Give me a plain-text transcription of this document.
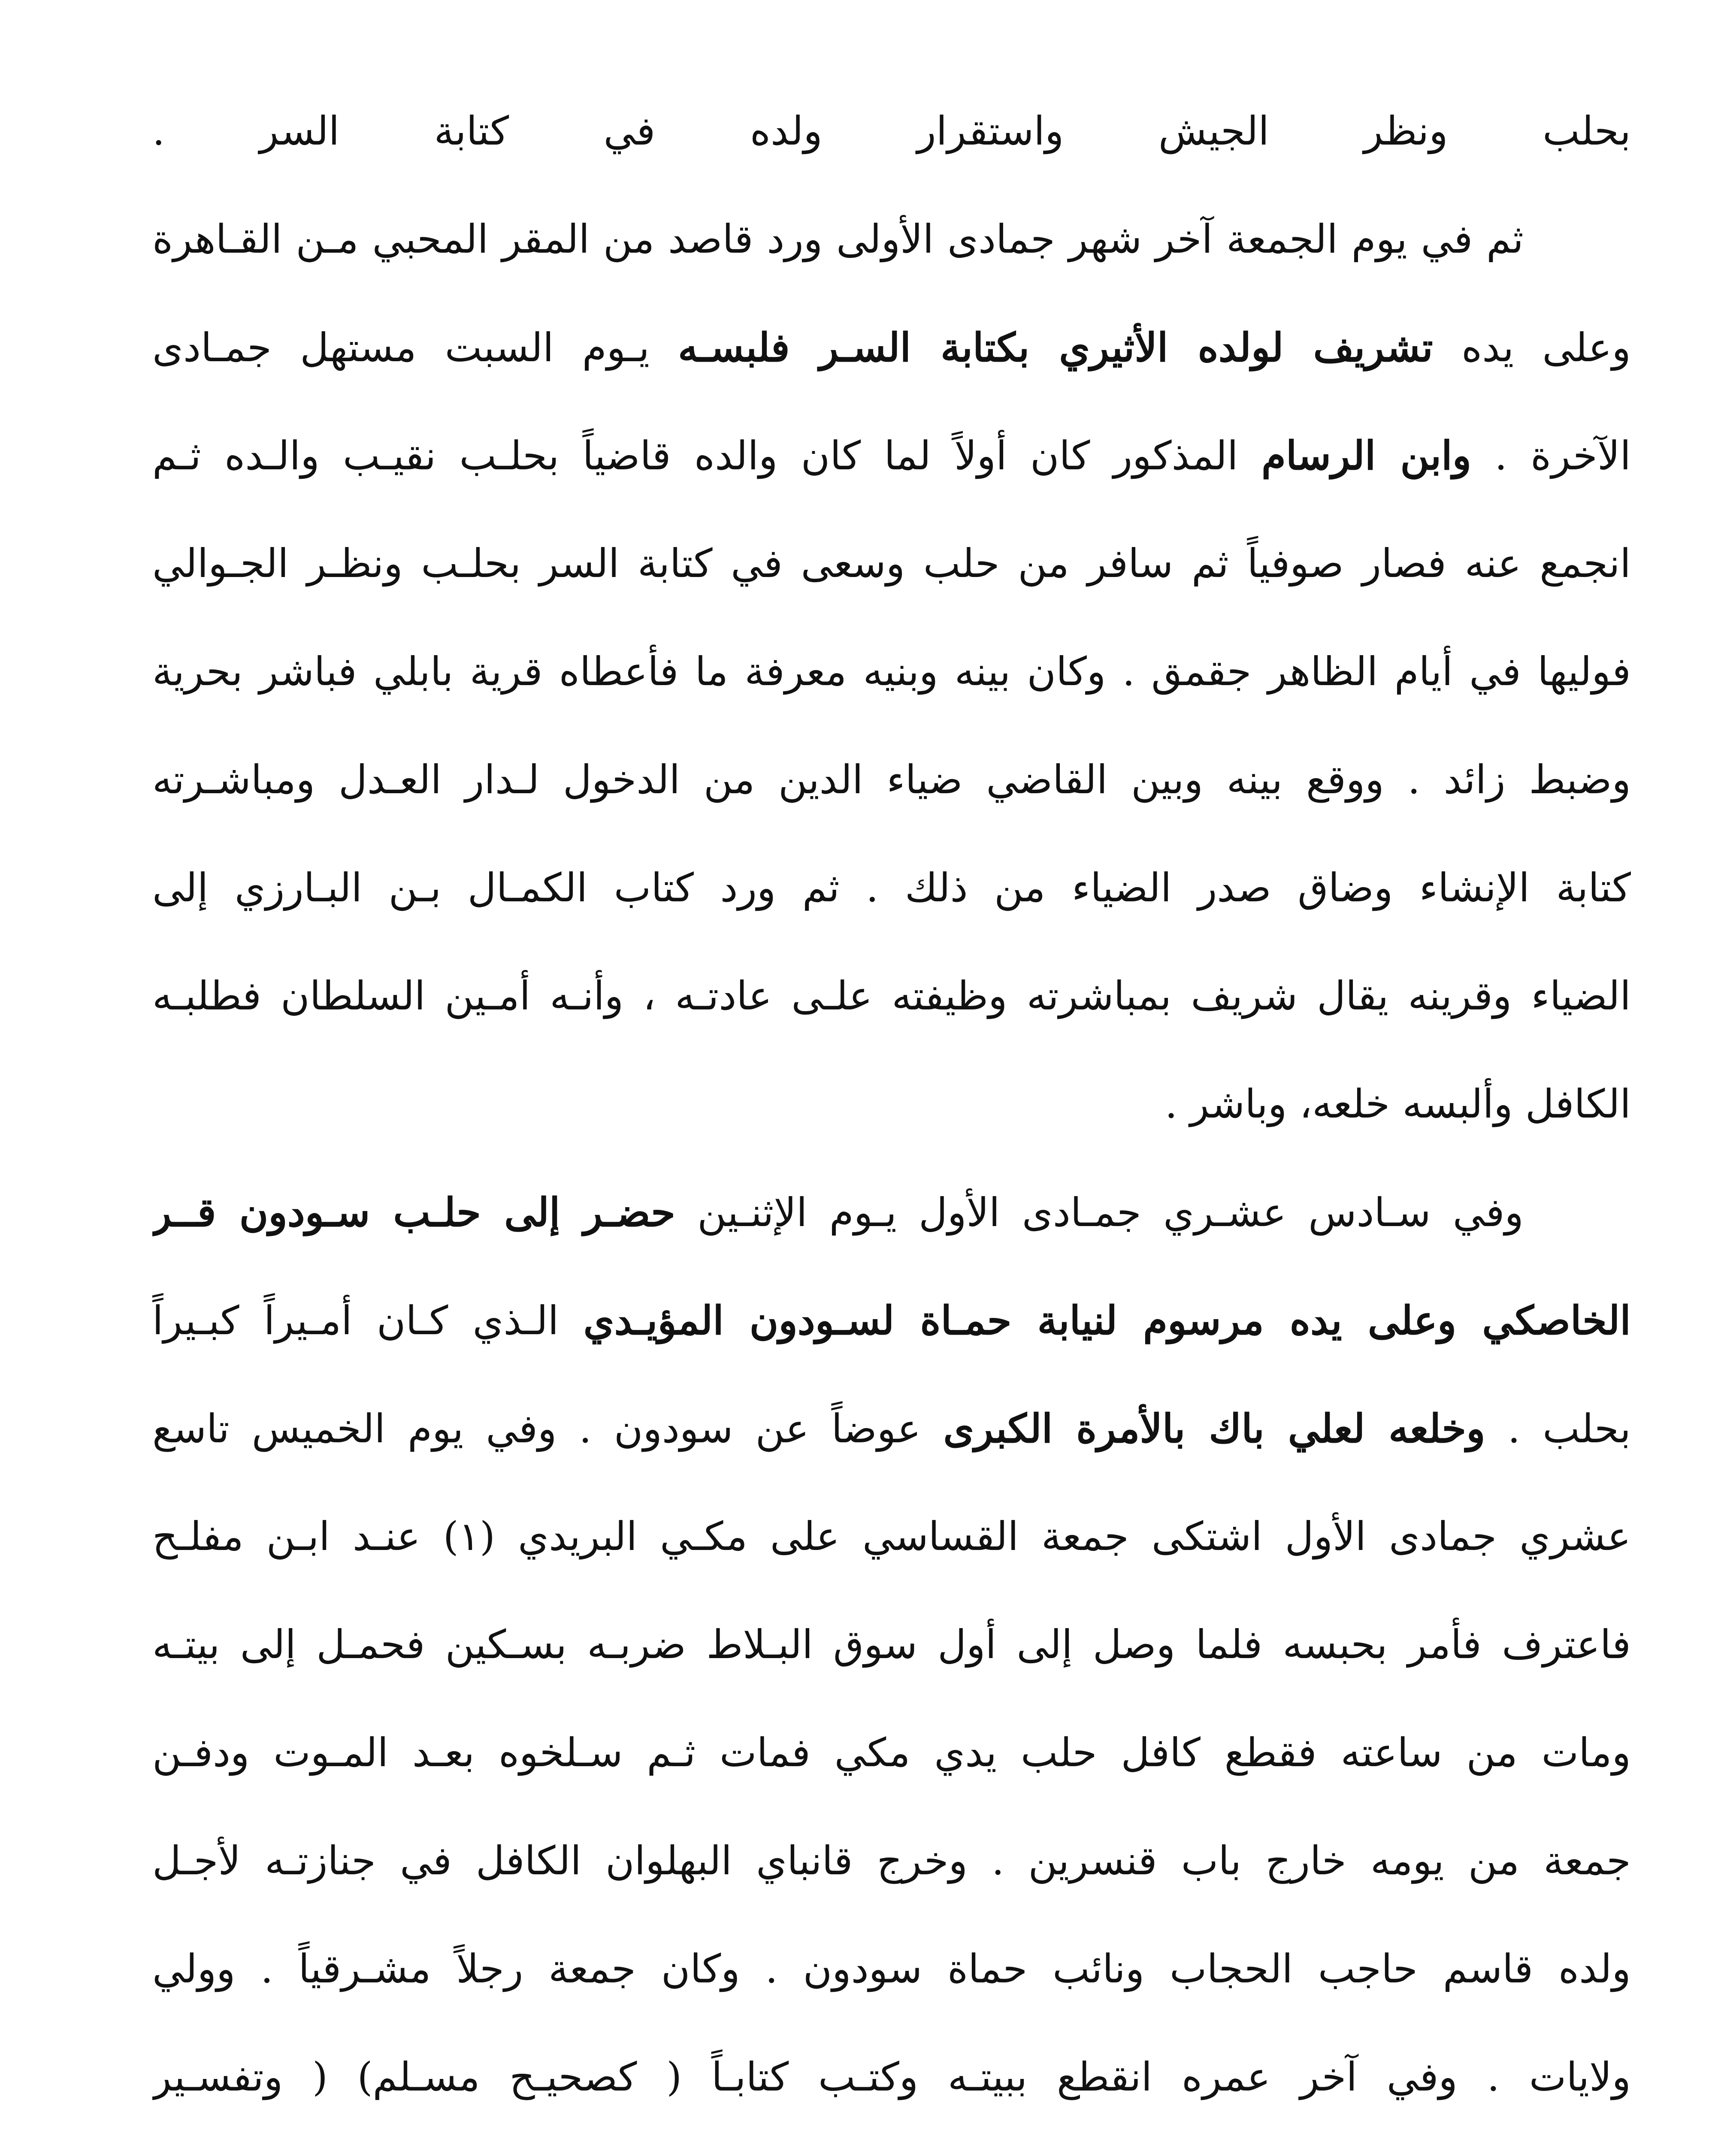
بحلب ونظر الجيش واستقرار ولده في كتابة السر .
ثم في يوم الجمعة آخر شهر جمادى الأولى ورد قاصد من المقر المحبي مـن القـاهرة
وعلى يده تشريف لولده الأثيري بكتابة السـر فلبسـه يـوم السبت مستهل جمـادى
الآخرة . وابن الرسام المذكور كان أولاً لما كان والده قاضياً بحلـب نقيـب والـده ثـم
انجمع عنه فصار صوفياً ثم سافر من حلب وسعى في كتابة السر بحلـب ونظـر الجـوالي
فوليها في أيام الظاهر جقمق . وكان بينه وبنيه معرفة ما فأعطاه قرية بابلي فباشر بحرية
وضبط زائد . ووقع بينه وبين القاضي ضياء الدين من الدخول لـدار العـدل ومباشـرته
كتابة الإنشاء وضاق صدر الضياء من ذلك . ثم ورد كتاب الكمـال بـن البـارزي إلى
الضياء وقرينه يقال شريف بمباشرته وظيفته علـى عادتـه ، وأنـه أمـين السلطان فطلبـه
الكافل وألبسه خلعه، وباشر .
وفي سـادس عشـري جمـادى الأول يـوم الإثنـين حضـر إلى حلـب سـودون قــر
الخاصكي وعلى يده مرسوم لنيابة حمـاة لسـودون المؤيـدي الـذي كـان أمـيراً كبـيراً
بحلب . وخلعه لعلي باك بالأمرة الكبرى عوضاً عن سودون . وفي يوم الخميس تاسع
عشري جمادى الأول اشتكى جمعة القساسي على مكـي البريدي (١) عنـد ابـن مفلـح
فاعترف فأمر بحبسه فلما وصل إلى أول سوق البـلاط ضربـه بسـكين فحمـل إلى بيتـه
ومات من ساعته فقطع كافل حلب يدي مكي فمات ثـم سـلخوه بعـد المـوت ودفـن
جمعة من يومه خارج باب قنسرين . وخرج قانباي البهلوان الكافل في جنازتـه لأجـل
ولده قاسم حاجب الحجاب ونائب حماة سودون . وكان جمعة رجلاً مشـرقياً . وولي
ولايات . وفي آخر عمره انقطع ببيتـه وكتـب كتابـاً ( كصحيـح مسـلم) ( وتفسـير
